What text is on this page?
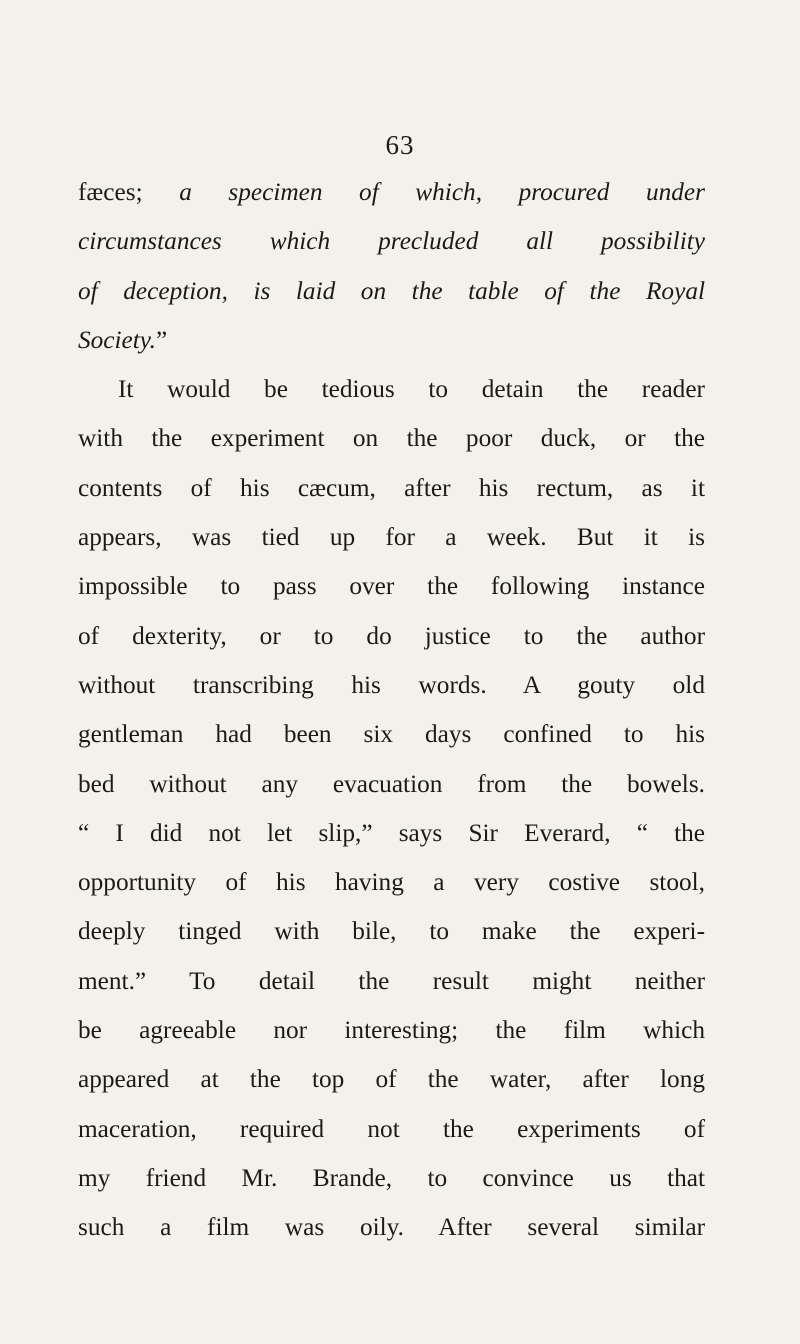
63
fæces; a specimen of which, procured under
circumstances which precluded all possibility
of deception, is laid on the table of the Royal
Society.”
It would be tedious to detain the reader
with the experiment on the poor duck, or the
contents of his cæcum, after his rectum, as it
appears, was tied up for a week. But it is
impossible to pass over the following instance
of dexterity, or to do justice to the author
without transcribing his words. A gouty old
gentleman had been six days confined to his
bed without any evacuation from the bowels.
“ I did not let slip,” says Sir Everard, “ the
opportunity of his having a very costive stool,
deeply tinged with bile, to make the experi-
ment.” To detail the result might neither
be agreeable nor interesting; the film which
appeared at the top of the water, after long
maceration, required not the experiments of
my friend Mr. Brande, to convince us that
such a film was oily. After several similar
